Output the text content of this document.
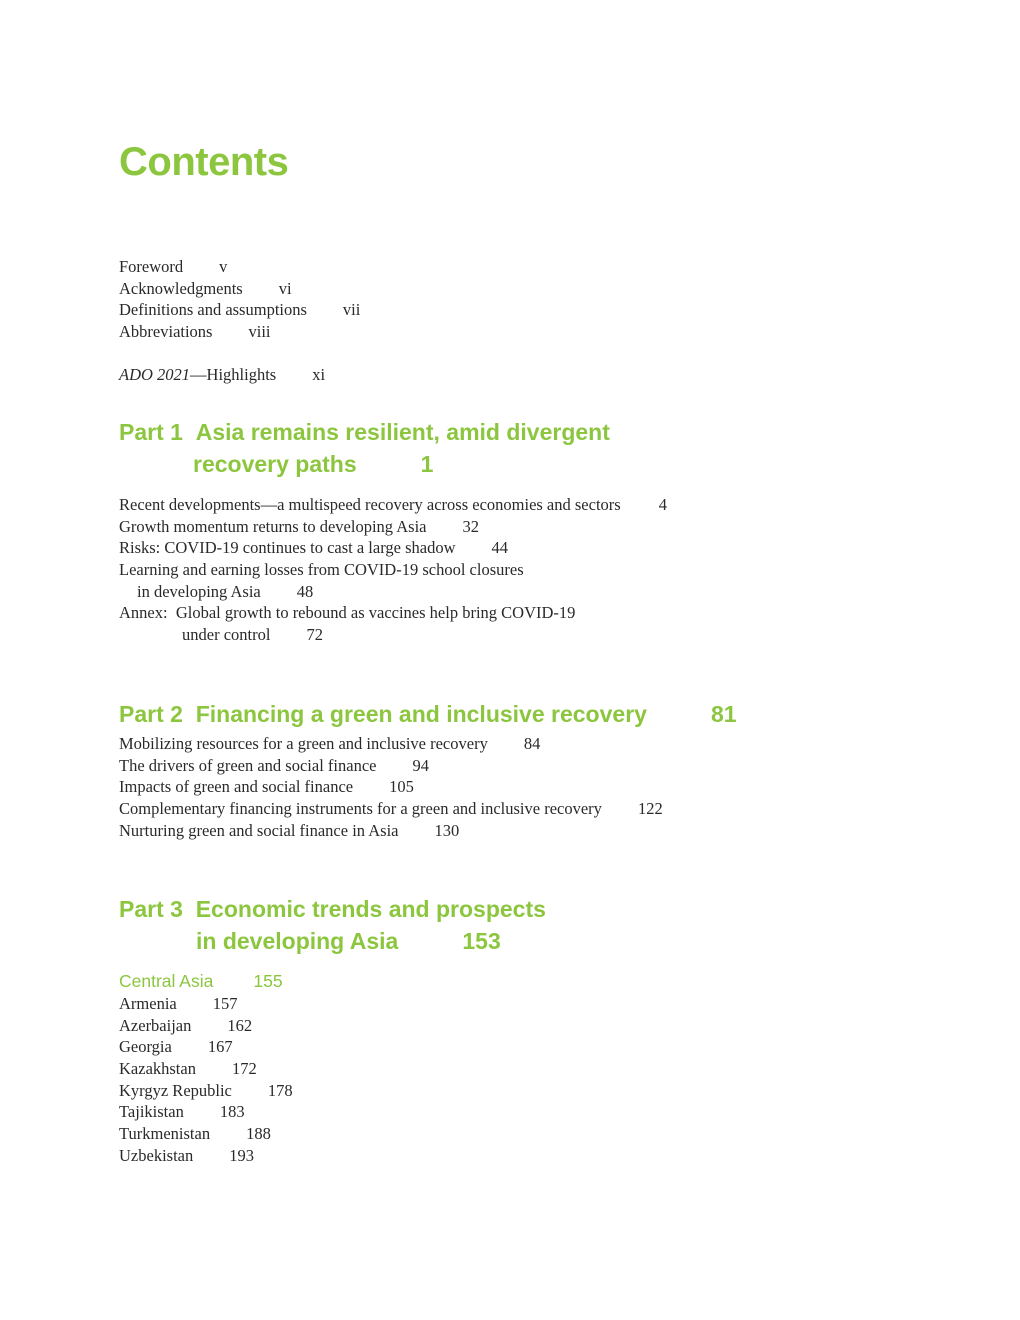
Contents
Foreword v
Acknowledgments vi
Definitions and assumptions vii
Abbreviations viii
ADO 2021—Highlights xi
Part 1 Asia remains resilient, amid divergent
recovery paths	1
Recent developments—a multispeed recovery across economies and sectors 4
Growth momentum returns to developing Asia 32
Risks: COVID-19 continues to cast a large shadow 44
Learning and earning losses from COVID-19 school closures
in developing Asia 48
Annex: Global growth to rebound as vaccines help bring COVID-19
under control 72
Part 2 Financing a green and inclusive recovery	81
Mobilizing resources for a green and inclusive recovery 84
The drivers of green and social finance 94
Impacts of green and social finance 105
Complementary financing instruments for a green and inclusive recovery 122
Nurturing green and social finance in Asia 130
Part 3 Economic trends and prospects
in developing Asia	153

Central Asia 155

Armenia 157
Azerbaijan 162
Georgia 167
Kazakhstan 172
Kyrgyz Republic 178
Tajikistan 183
Turkmenistan 188
Uzbekistan 193
